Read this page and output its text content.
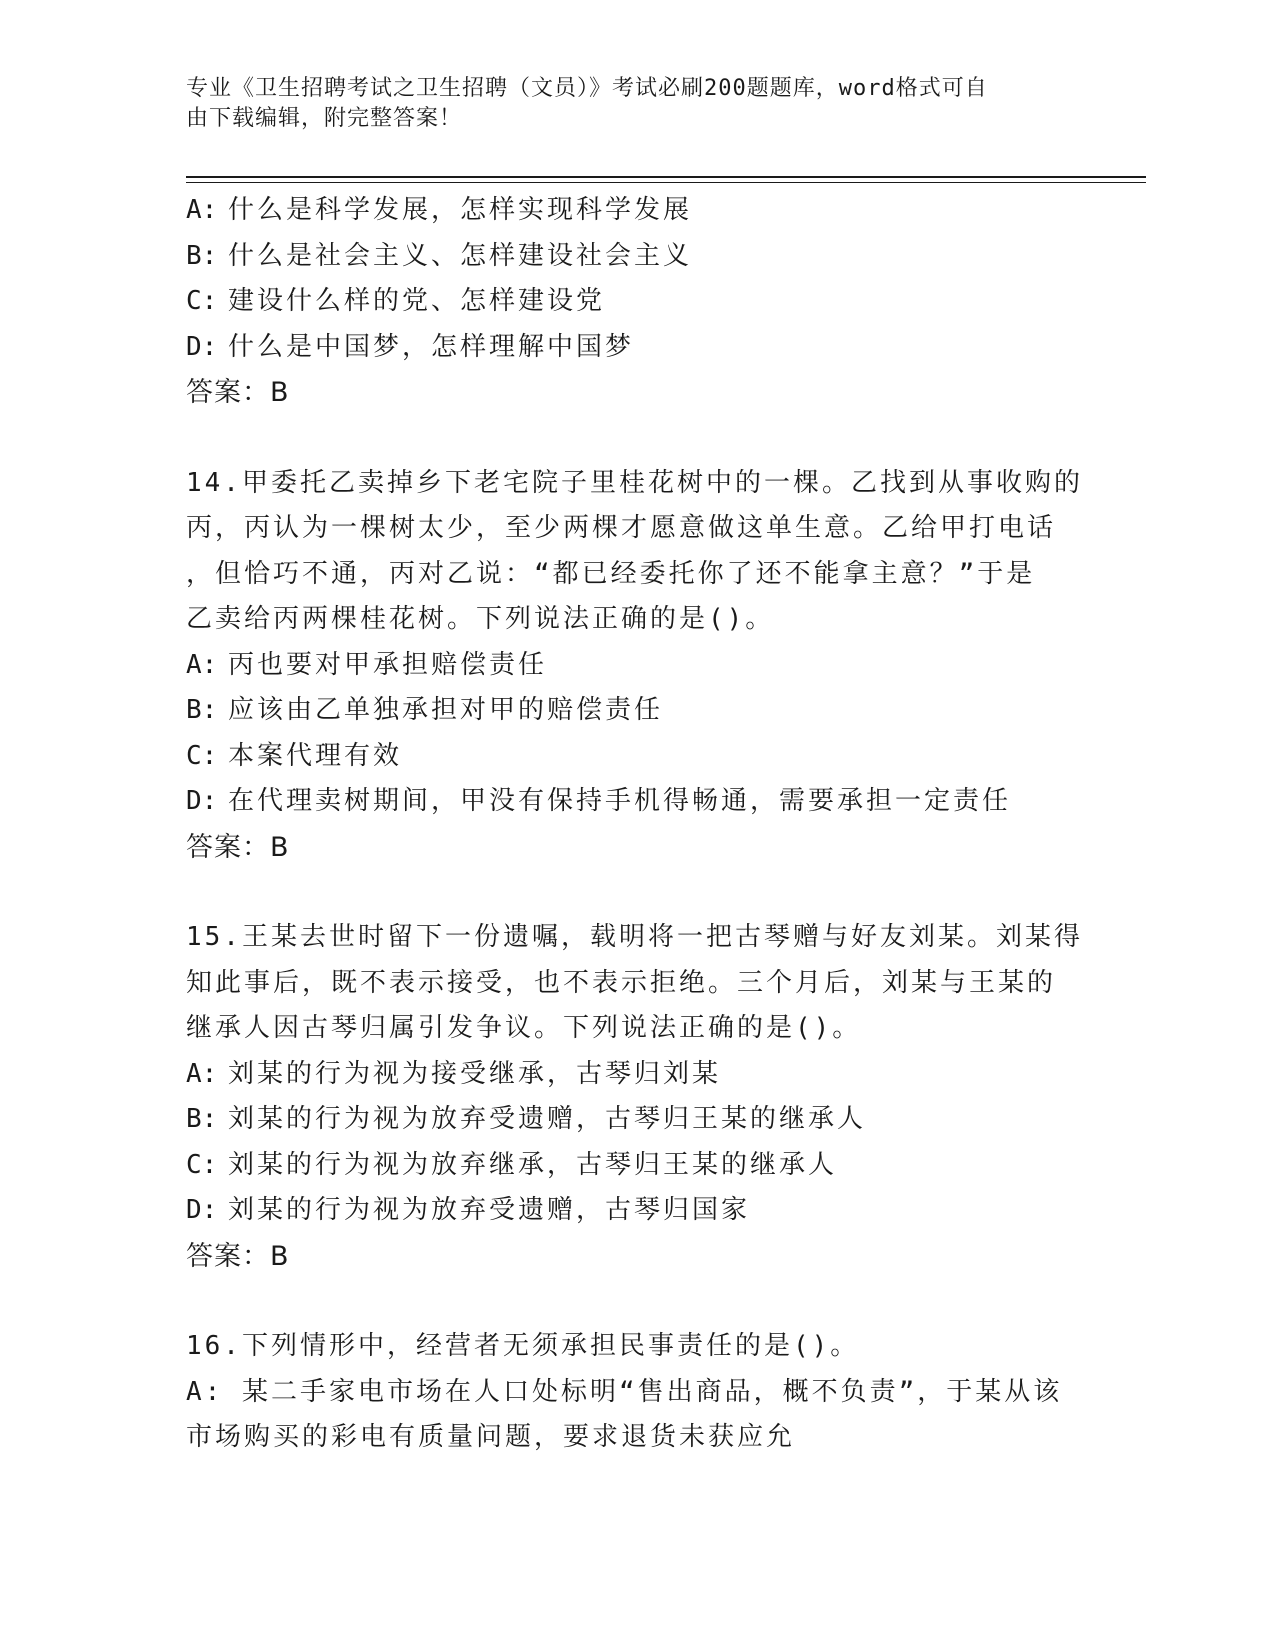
专业《卫生招聘考试之卫生招聘（文员）》考试必刷200题题库，word格式可自
由下载编辑，附完整答案！
A: 什么是科学发展，怎样实现科学发展
B: 什么是社会主义、怎样建设社会主义
C: 建设什么样的党、怎样建设党
D: 什么是中国梦，怎样理解中国梦
答案：B
14.甲委托乙卖掉乡下老宅院子里桂花树中的一棵。乙找到从事收购的
丙，丙认为一棵树太少，至少两棵才愿意做这单生意。乙给甲打电话
，但恰巧不通，丙对乙说：“都已经委托你了还不能拿主意？”于是
乙卖给丙两棵桂花树。下列说法正确的是()。
A: 丙也要对甲承担赔偿责任
B: 应该由乙单独承担对甲的赔偿责任
C: 本案代理有效
D: 在代理卖树期间，甲没有保持手机得畅通，需要承担一定责任
答案：B
15.王某去世时留下一份遗嘱，载明将一把古琴赠与好友刘某。刘某得
知此事后，既不表示接受，也不表示拒绝。三个月后，刘某与王某的
继承人因古琴归属引发争议。下列说法正确的是()。
A: 刘某的行为视为接受继承，古琴归刘某
B: 刘某的行为视为放弃受遗赠，古琴归王某的继承人
C: 刘某的行为视为放弃继承，古琴归王某的继承人
D: 刘某的行为视为放弃受遗赠，古琴归国家
答案：B
16.下列情形中，经营者无须承担民事责任的是()。
A: 某二手家电市场在人口处标明“售出商品，概不负责”，于某从该
市场购买的彩电有质量问题，要求退货未获应允
